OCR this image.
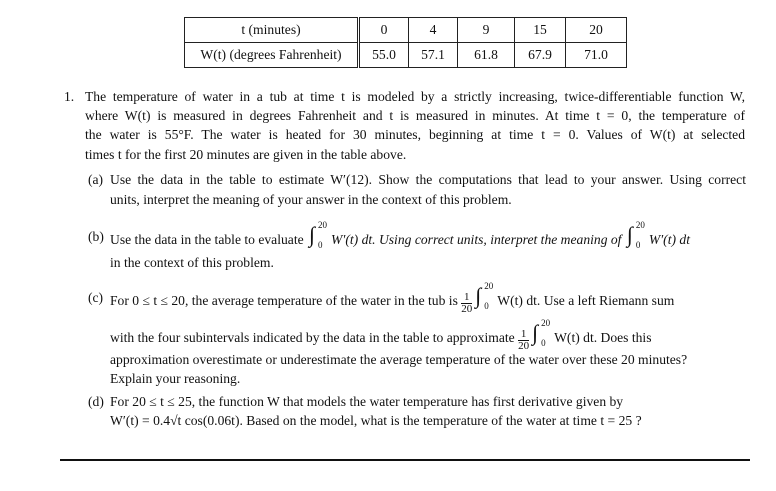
t (minutes)	0	4	9	15	20
W(t) (degrees Fahrenheit)	55.0	57.1	61.8	67.9	71.0
1. The temperature of water in a tub at time t is modeled by a strictly increasing, twice-differentiable function W,
where W(t) is measured in degrees Fahrenheit and t is measured in minutes. At time t = 0, the temperature of
the water is 55°F. The water is heated for 30 minutes, beginning at time t = 0. Values of W(t) at selected
times t for the first 20 minutes are given in the table above.
(a) Use the data in the table to estimate W′(12). Show the computations that lead to your answer. Using correct
units, interpret the meaning of your answer in the context of this problem.
(b) Use the data in the table to evaluate ∫ 20
0 W′(t) dt. Using correct units, interpret the meaning of ∫ 20
0 W′(t) dt
in the context of this problem.
(c) For 0 ≤ t ≤ 20, the average temperature of the water in the tub is $\frac{1}{20}$ ∫ 20
0 W(t) dt. Use a left Riemann sum
with the four subintervals indicated by the data in the table to approximate $\frac{1}{20}$ ∫ 20
0 W(t) dt. Does this
approximation overestimate or underestimate the average temperature of the water over these 20 minutes?
Explain your reasoning.
(d) For 20 ≤ t ≤ 25, the function W that models the water temperature has first derivative given by
W′(t) = 0.4√t cos(0.06t). Based on the model, what is the temperature of the water at time t = 25 ?
